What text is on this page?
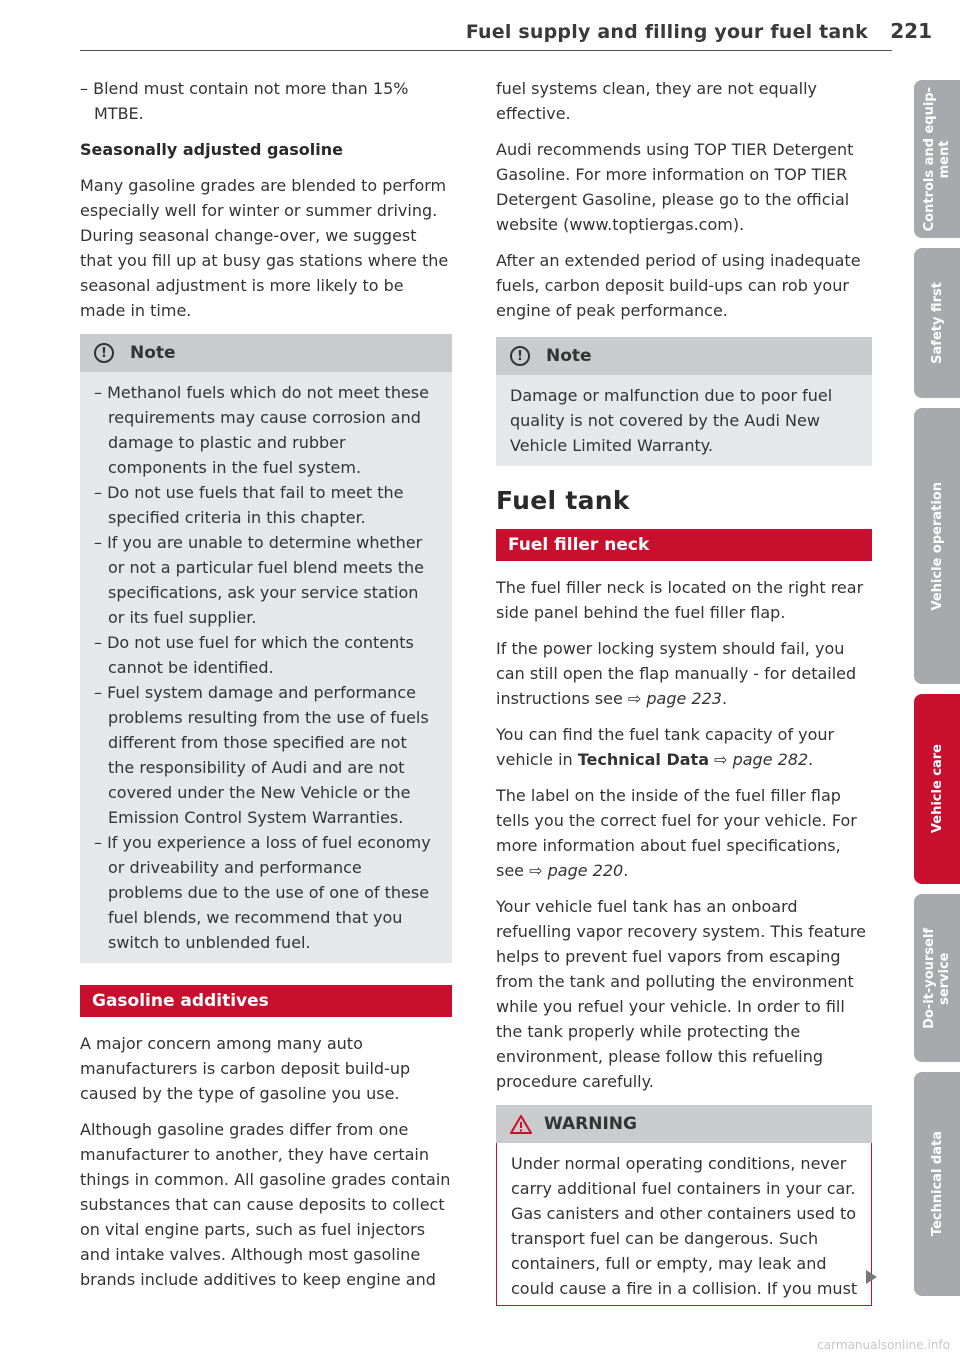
Fuel supply and filling your fuel tank 221

– Blend must contain not more than 15% MTBE.

Seasonally adjusted gasoline

Many gasoline grades are blended to perform especially well for winter or summer driving. During seasonal change-over, we suggest that you fill up at busy gas stations where the seasonal adjustment is more likely to be made in time.

!	Note

– Methanol fuels which do not meet these requirements may cause corrosion and damage to plastic and rubber components in the fuel system.

– Do not use fuels that fail to meet the specified criteria in this chapter.

– If you are unable to determine whether or not a particular fuel blend meets the specifications, ask your service station or its fuel supplier.

– Do not use fuel for which the contents cannot be identified.

– Fuel system damage and performance problems resulting from the use of fuels different from those specified are not the responsibility of Audi and are not covered under the New Vehicle or the Emission Control System Warranties.

– If you experience a loss of fuel economy or driveability and performance problems due to the use of one of these fuel blends, we recommend that you switch to unblended fuel.

Gasoline additives

A major concern among many auto manufacturers is carbon deposit build-up caused by the type of gasoline you use.

Although gasoline grades differ from one manufacturer to another, they have certain things in common. All gasoline grades contain substances that can cause deposits to collect on vital engine parts, such as fuel injectors and intake valves. Although most gasoline brands include additives to keep engine and

fuel systems clean, they are not equally effective.

Audi recommends using TOP TIER Detergent Gasoline. For more information on TOP TIER Detergent Gasoline, please go to the official website (www.toptiergas.com).

After an extended period of using inadequate fuels, carbon deposit build-ups can rob your engine of peak performance.

!	Note

Damage or malfunction due to poor fuel quality is not covered by the Audi New Vehicle Limited Warranty.

Fuel tank
Fuel filler neck

The fuel filler neck is located on the right rear side panel behind the fuel filler flap.

If the power locking system should fail, you can still open the flap manually - for detailed instructions see ⇨ page 223.

You can find the fuel tank capacity of your vehicle in Technical Data ⇨ page 282.

The label on the inside of the fuel filler flap tells you the correct fuel for your vehicle. For more information about fuel specifications, see ⇨ page 220.

Your vehicle fuel tank has an onboard refuelling vapor recovery system. This feature helps to prevent fuel vapors from escaping from the tank and polluting the environment while you refuel your vehicle. In order to fill the tank properly while protecting the environment, please follow this refueling procedure carefully.

WARNING

Under normal operating conditions, never carry additional fuel containers in your car. Gas canisters and other containers used to transport fuel can be dangerous. Such containers, full or empty, may leak and could cause a fire in a collision. If you must

Controls and equip-
ment
Safety first
Vehicle operation
Vehicle care
Do-it-yourself
service
Technical data
carmanualsonline.info
